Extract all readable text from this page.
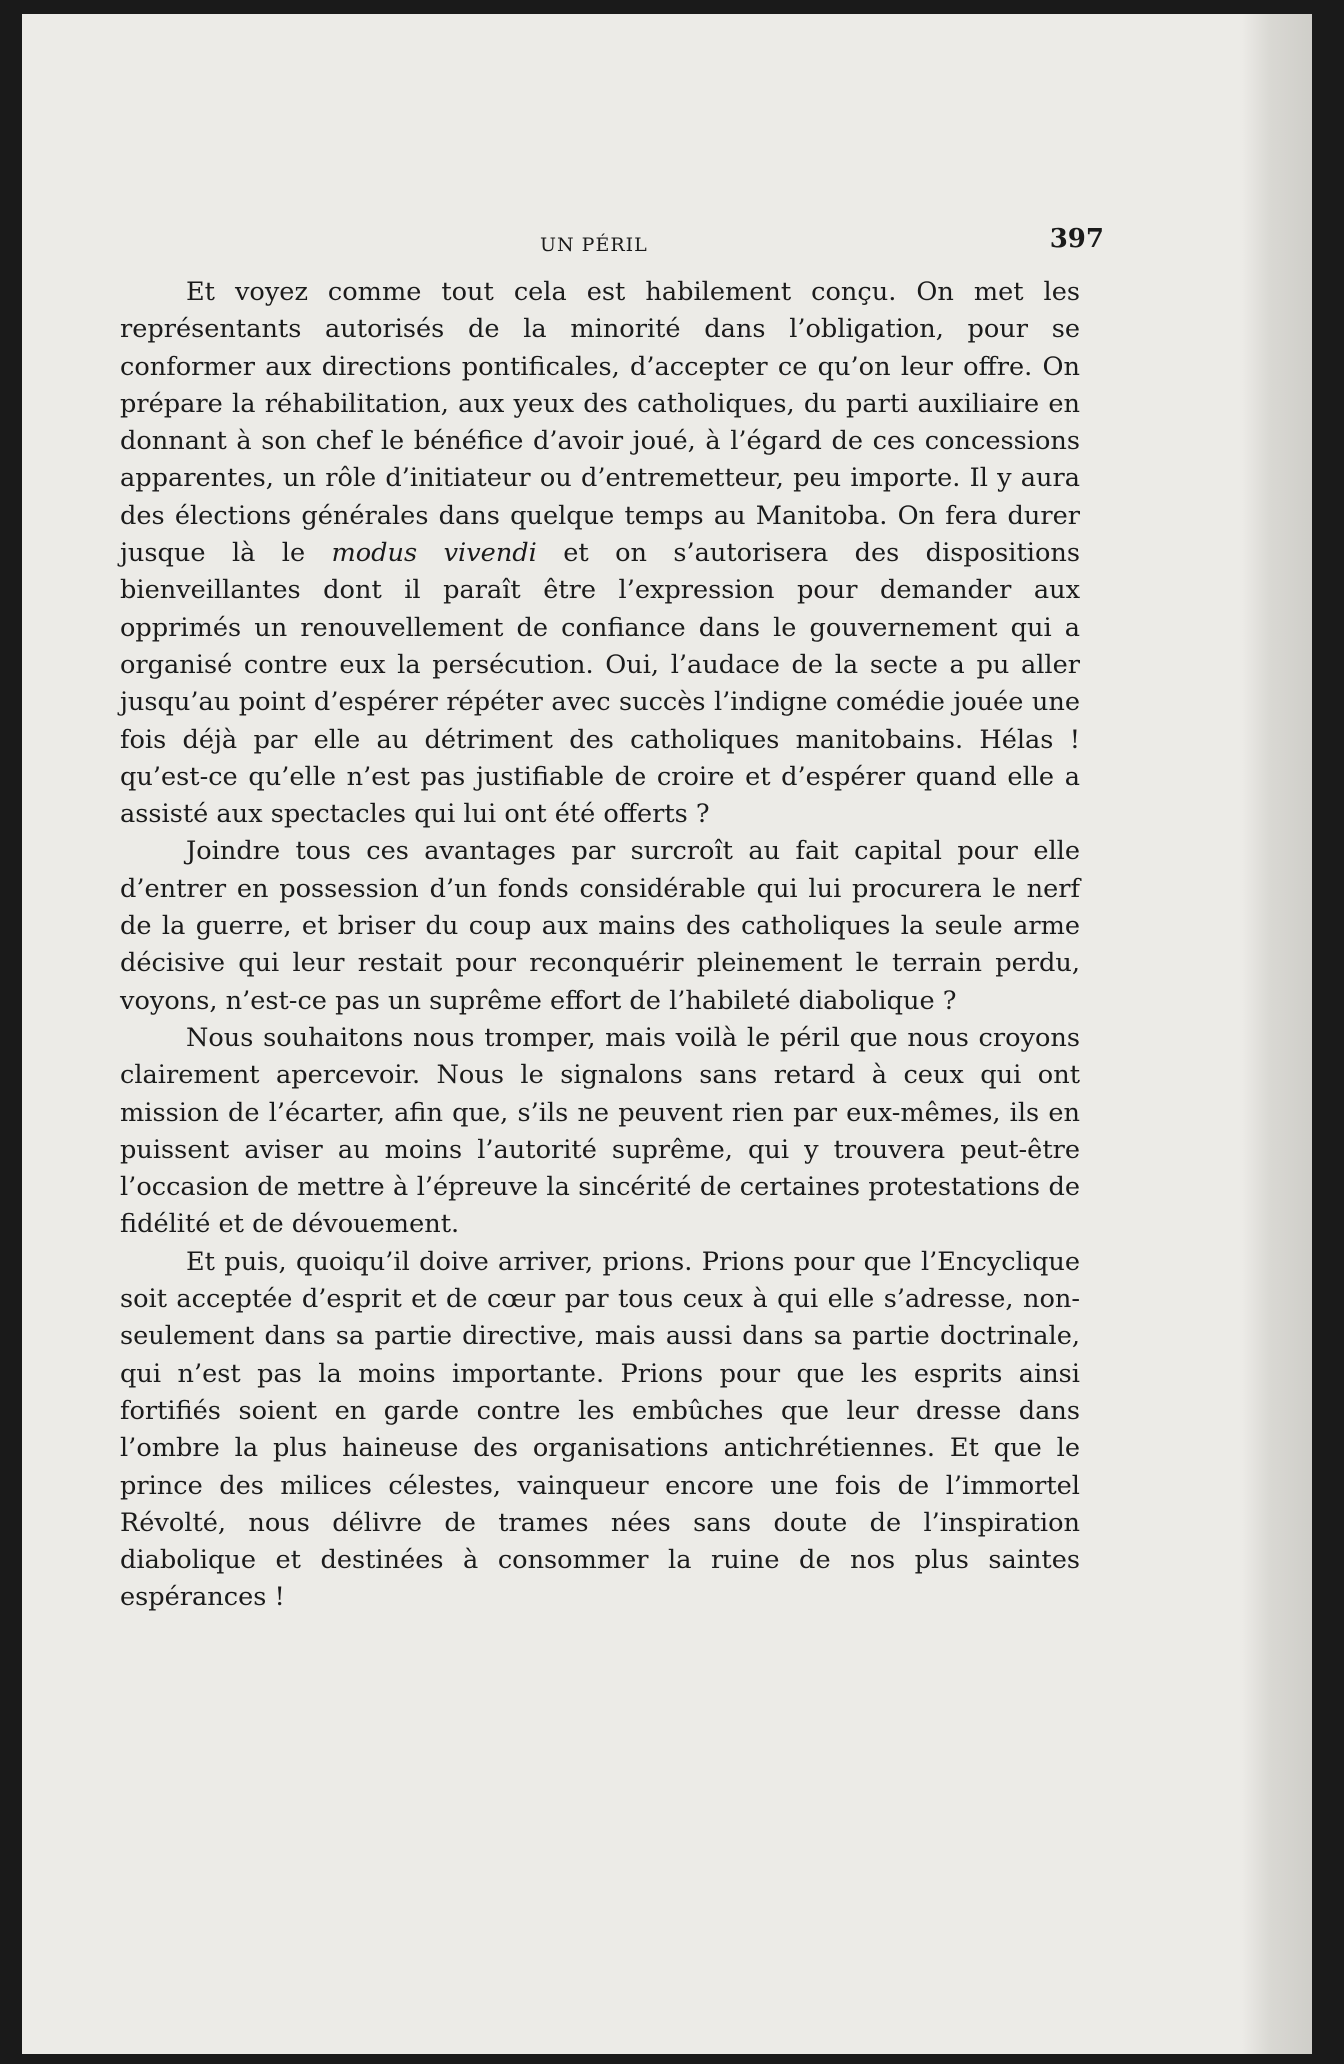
UN PÉRIL	397

Et voyez comme tout cela est habilement conçu. On met les représentants autorisés de la minorité dans l’obligation, pour se conformer aux directions pontificales, d’accepter ce qu’on leur offre. On prépare la réhabilitation, aux yeux des catholiques, du parti auxiliaire en donnant à son chef le bénéfice d’avoir joué, à l’égard de ces concessions apparentes, un rôle d’initiateur ou d’entremetteur, peu importe. Il y aura des élections générales dans quelque temps au Manitoba. On fera durer jusque là le modus vivendi et on s’autorisera des dispositions bienveillantes dont il paraît être l’expression pour demander aux opprimés un renouvellement de confiance dans le gouvernement qui a organisé contre eux la persécution. Oui, l’audace de la secte a pu aller jusqu’au point d’espérer répéter avec succès l’indigne comédie jouée une fois déjà par elle au détriment des catholiques manitobains. Hélas ! qu’est-ce qu’elle n’est pas justifiable de croire et d’espérer quand elle a assisté aux spectacles qui lui ont été offerts ?

Joindre tous ces avantages par surcroît au fait capital pour elle d’entrer en possession d’un fonds considérable qui lui procurera le nerf de la guerre, et briser du coup aux mains des catholiques la seule arme décisive qui leur restait pour reconquérir pleinement le terrain perdu, voyons, n’est-ce pas un suprême effort de l’habileté diabolique ?

Nous souhaitons nous tromper, mais voilà le péril que nous croyons clairement apercevoir. Nous le signalons sans retard à ceux qui ont mission de l’écarter, afin que, s’ils ne peuvent rien par eux-mêmes, ils en puissent aviser au moins l’autorité suprême, qui y trouvera peut-être l’occasion de mettre à l’épreuve la sincérité de certaines protestations de fidélité et de dévouement.

Et puis, quoiqu’il doive arriver, prions. Prions pour que l’Encyclique soit acceptée d’esprit et de cœur par tous ceux à qui elle s’adresse, non-seulement dans sa partie directive, mais aussi dans sa partie doctrinale, qui n’est pas la moins importante. Prions pour que les esprits ainsi fortifiés soient en garde contre les embûches que leur dresse dans l’ombre la plus haineuse des organisations antichrétiennes. Et que le prince des milices célestes, vainqueur encore une fois de l’immortel Révolté, nous délivre de trames nées sans doute de l’inspiration diabolique et destinées à consommer la ruine de nos plus saintes espérances !
